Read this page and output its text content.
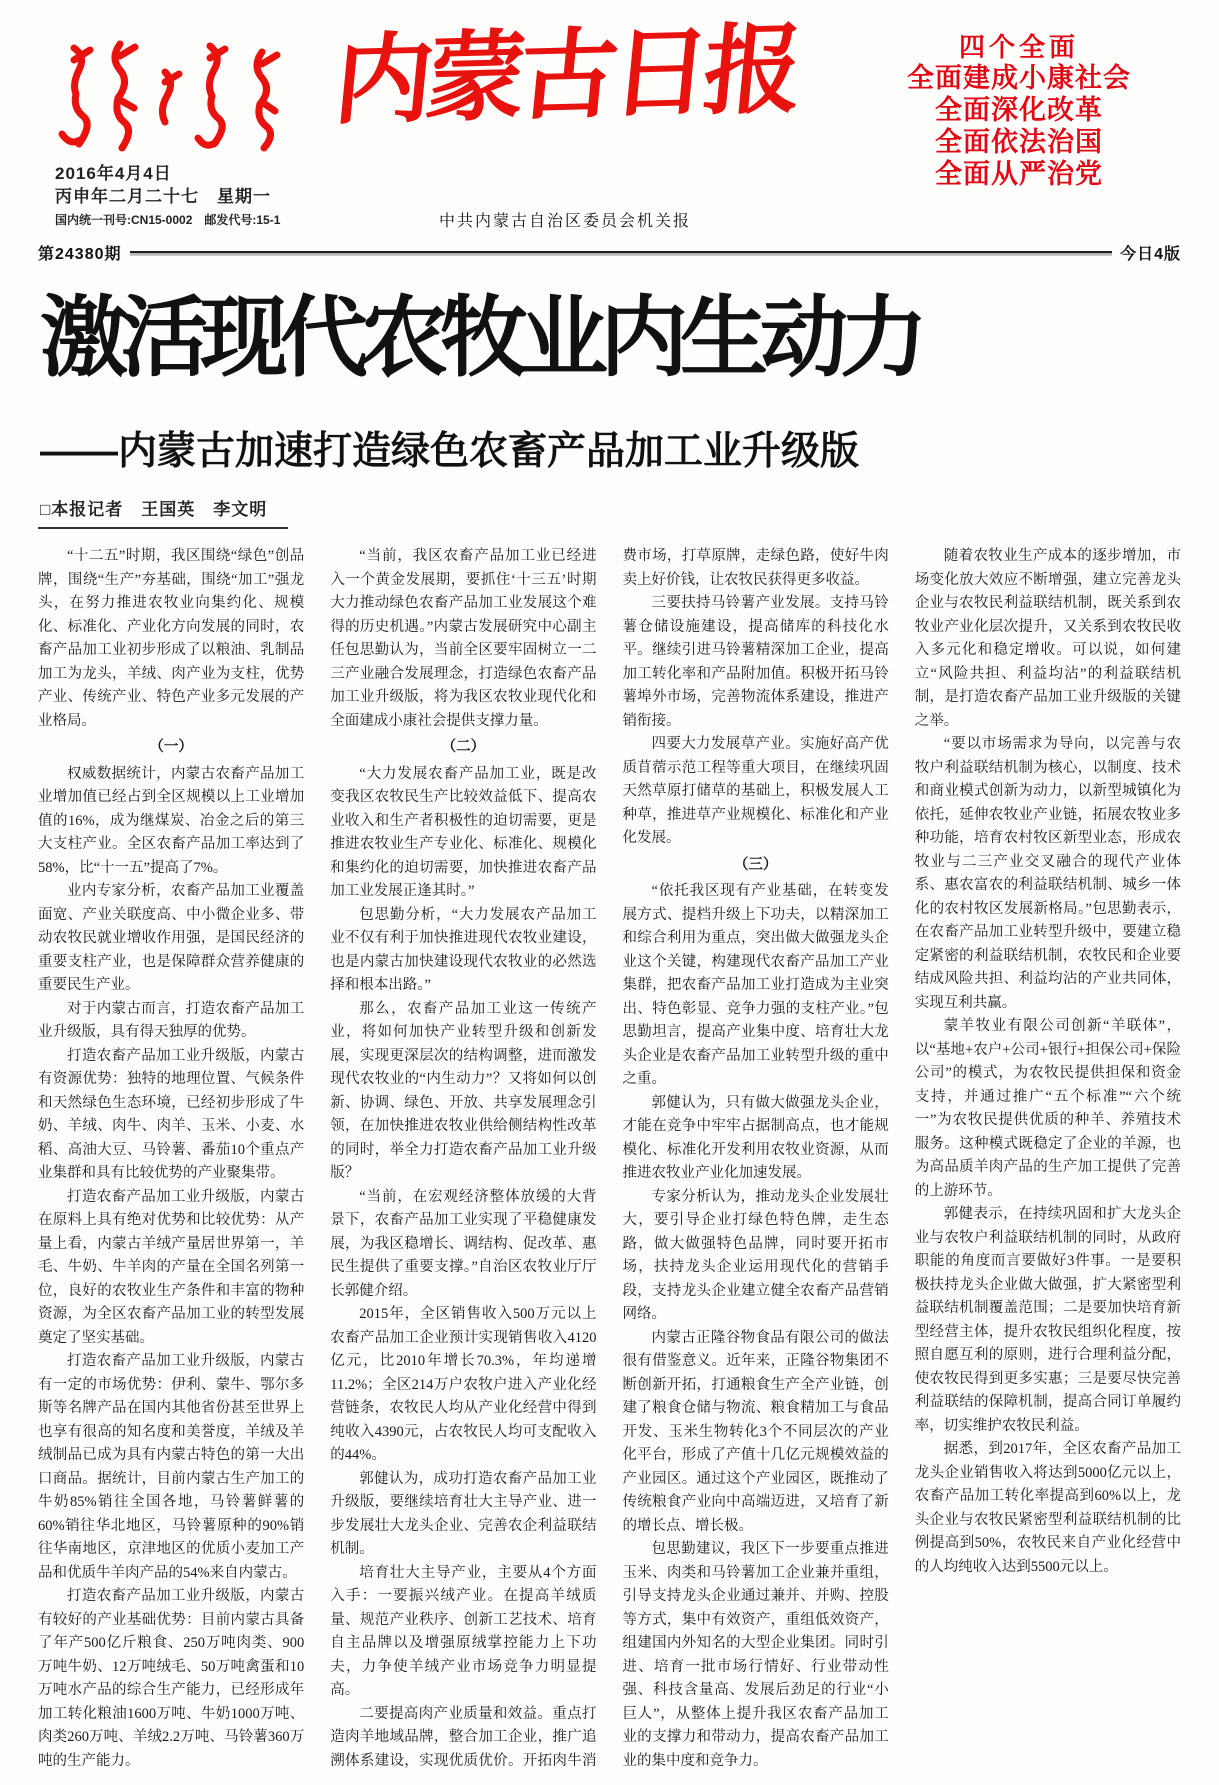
2016年4月4日
丙申年二月二十七　星期一
国内统一刊号:CN15-0002　邮发代号:15-1
内蒙古日报
中共内蒙古自治区委员会机关报
四个全面
全面建成小康社会
全面深化改革
全面依法治国
全面从严治党
第24380期	今日4版
激活现代农牧业内生动力
——内蒙古加速打造绿色农畜产品加工业升级版
□本报记者　王国英　李文明
“十二五”时期，我区围绕“绿色”创品牌，围绕“生产”夯基础，围绕“加工”强龙头，在努力推进农牧业向集约化、规模化、标准化、产业化方向发展的同时，农畜产品加工业初步形成了以粮油、乳制品加工为龙头，羊绒、肉产业为支柱，优势产业、传统产业、特色产业多元发展的产业格局。
（一）
权威数据统计，内蒙古农畜产品加工业增加值已经占到全区规模以上工业增加值的16%，成为继煤炭、冶金之后的第三大支柱产业。全区农畜产品加工率达到了58%，比“十一五”提高了7%。
业内专家分析，农畜产品加工业覆盖面宽、产业关联度高、中小微企业多、带动农牧民就业增收作用强，是国民经济的重要支柱产业，也是保障群众营养健康的重要民生产业。
对于内蒙古而言，打造农畜产品加工业升级版，具有得天独厚的优势。
打造农畜产品加工业升级版，内蒙古有资源优势：独特的地理位置、气候条件和天然绿色生态环境，已经初步形成了牛奶、羊绒、肉牛、肉羊、玉米、小麦、水稻、高油大豆、马铃薯、番茄10个重点产业集群和具有比较优势的产业聚集带。
打造农畜产品加工业升级版，内蒙古在原料上具有绝对优势和比较优势：从产量上看，内蒙古羊绒产量居世界第一，羊毛、牛奶、牛羊肉的产量在全国名列第一位，良好的农牧业生产条件和丰富的物种资源，为全区农畜产品加工业的转型发展奠定了坚实基础。
打造农畜产品加工业升级版，内蒙古有一定的市场优势：伊利、蒙牛、鄂尔多斯等名牌产品在国内其他省份甚至世界上也享有很高的知名度和美誉度，羊绒及羊绒制品已成为具有内蒙古特色的第一大出口商品。据统计，目前内蒙古生产加工的牛奶85%销往全国各地，马铃薯鲜薯的60%销往华北地区，马铃薯原种的90%销往华南地区，京津地区的优质小麦加工产品和优质牛羊肉产品的54%来自内蒙古。
打造农畜产品加工业升级版，内蒙古有较好的产业基础优势：目前内蒙古具备了年产500亿斤粮食、250万吨肉类、900万吨牛奶、12万吨绒毛、50万吨禽蛋和10万吨水产品的综合生产能力，已经形成年加工转化粮油1600万吨、牛奶1000万吨、肉类260万吨、羊绒2.2万吨、马铃薯360万吨的生产能力。
“当前，我区农畜产品加工业已经进入一个黄金发展期，要抓住‘十三五’时期大力推动绿色农畜产品加工业发展这个难得的历史机遇。”内蒙古发展研究中心副主任包思勤认为，当前全区要牢固树立一二三产业融合发展理念，打造绿色农畜产品加工业升级版，将为我区农牧业现代化和全面建成小康社会提供支撑力量。
（二）
“大力发展农畜产品加工业，既是改变我区农牧民生产比较效益低下、提高农业收入和生产者积极性的迫切需要，更是推进农牧业生产专业化、标准化、规模化和集约化的迫切需要，加快推进农畜产品加工业发展正逢其时。”
包思勤分析，“大力发展农产品加工业不仅有利于加快推进现代农牧业建设，也是内蒙古加快建设现代农牧业的必然选择和根本出路。”
那么，农畜产品加工业这一传统产业，将如何加快产业转型升级和创新发展，实现更深层次的结构调整，进而激发现代农牧业的“内生动力”？又将如何以创新、协调、绿色、开放、共享发展理念引领，在加快推进农牧业供给侧结构性改革的同时，举全力打造农畜产品加工业升级版？
“当前，在宏观经济整体放缓的大背景下，农畜产品加工业实现了平稳健康发展，为我区稳增长、调结构、促改革、惠民生提供了重要支撑。”自治区农牧业厅厅长郭健介绍。
2015年，全区销售收入500万元以上农畜产品加工企业预计实现销售收入4120亿元，比2010年增长70.3%，年均递增11.2%；全区214万户农牧户进入产业化经营链条，农牧民人均从产业化经营中得到纯收入4390元，占农牧民人均可支配收入的44%。
郭健认为，成功打造农畜产品加工业升级版，要继续培育壮大主导产业、进一步发展壮大龙头企业、完善农企利益联结机制。
培育壮大主导产业，主要从4个方面入手：一要振兴绒产业。在提高羊绒质量、规范产业秩序、创新工艺技术、培育自主品牌以及增强原绒掌控能力上下功夫，力争使羊绒产业市场竞争力明显提高。
二要提高肉产业质量和效益。重点打造肉羊地域品牌，整合加工企业，推广追溯体系建设，实现优质优价。开拓肉牛消费市场，打草原牌，走绿色路，使好牛肉卖上好价钱，让农牧民获得更多收益。
三要扶持马铃薯产业发展。支持马铃薯仓储设施建设，提高储库的科技化水平。继续引进马铃薯精深加工企业，提高加工转化率和产品附加值。积极开拓马铃薯埠外市场，完善物流体系建设，推进产销衔接。
四要大力发展草产业。实施好高产优质苜蓿示范工程等重大项目，在继续巩固天然草原打储草的基础上，积极发展人工种草，推进草产业规模化、标准化和产业化发展。
（三）
“依托我区现有产业基础，在转变发展方式、提档升级上下功夫，以精深加工和综合利用为重点，突出做大做强龙头企业这个关键，构建现代农畜产品加工产业集群，把农畜产品加工业打造成为主业突出、特色彰显、竞争力强的支柱产业。”包思勤坦言，提高产业集中度、培育壮大龙头企业是农畜产品加工业转型升级的重中之重。
郭健认为，只有做大做强龙头企业，才能在竞争中牢牢占据制高点，也才能规模化、标准化开发利用农牧业资源，从而推进农牧业产业化加速发展。
专家分析认为，推动龙头企业发展壮大，要引导企业打绿色特色牌，走生态路，做大做强特色品牌，同时要开拓市场，扶持龙头企业运用现代化的营销手段，支持龙头企业建立健全农畜产品营销网络。
内蒙古正隆谷物食品有限公司的做法很有借鉴意义。近年来，正隆谷物集团不断创新开拓，打通粮食生产全产业链，创建了粮食仓储与物流、粮食精加工与食品开发、玉米生物转化3个不同层次的产业化平台，形成了产值十几亿元规模效益的产业园区。通过这个产业园区，既推动了传统粮食产业向中高端迈进，又培育了新的增长点、增长极。
包思勤建议，我区下一步要重点推进玉米、肉类和马铃薯加工企业兼并重组，引导支持龙头企业通过兼并、并购、控股等方式，集中有效资产，重组低效资产，组建国内外知名的大型企业集团。同时引进、培育一批市场行情好、行业带动性强、科技含量高、发展后劲足的行业“小巨人”，从整体上提升我区农畜产品加工业的支撑力和带动力，提高农畜产品加工业的集中度和竞争力。
随着农牧业生产成本的逐步增加，市场变化放大效应不断增强，建立完善龙头企业与农牧民利益联结机制，既关系到农牧业产业化层次提升，又关系到农牧民收入多元化和稳定增收。可以说，如何建立“风险共担、利益均沾”的利益联结机制，是打造农畜产品加工业升级版的关键之举。
“要以市场需求为导向，以完善与农牧户利益联结机制为核心，以制度、技术和商业模式创新为动力，以新型城镇化为依托，延伸农牧业产业链，拓展农牧业多种功能，培育农村牧区新型业态，形成农牧业与二三产业交叉融合的现代产业体系、惠农富农的利益联结机制、城乡一体化的农村牧区发展新格局。”包思勤表示，在农畜产品加工业转型升级中，要建立稳定紧密的利益联结机制，农牧民和企业要结成风险共担、利益均沾的产业共同体，实现互利共赢。
蒙羊牧业有限公司创新“羊联体”，以“基地+农户+公司+银行+担保公司+保险公司”的模式，为农牧民提供担保和资金支持，并通过推广“五个标准”“六个统一”为农牧民提供优质的种羊、养殖技术服务。这种模式既稳定了企业的羊源，也为高品质羊肉产品的生产加工提供了完善的上游环节。
郭健表示，在持续巩固和扩大龙头企业与农牧户利益联结机制的同时，从政府职能的角度而言要做好3件事。一是要积极扶持龙头企业做大做强，扩大紧密型利益联结机制覆盖范围；二是要加快培育新型经营主体，提升农牧民组织化程度，按照自愿互利的原则，进行合理利益分配，使农牧民得到更多实惠；三是要尽快完善利益联结的保障机制，提高合同订单履约率，切实维护农牧民利益。
据悉，到2017年，全区农畜产品加工龙头企业销售收入将达到5000亿元以上，农畜产品加工转化率提高到60%以上，龙头企业与农牧民紧密型利益联结机制的比例提高到50%，农牧民来自产业化经营中的人均纯收入达到5500元以上。
